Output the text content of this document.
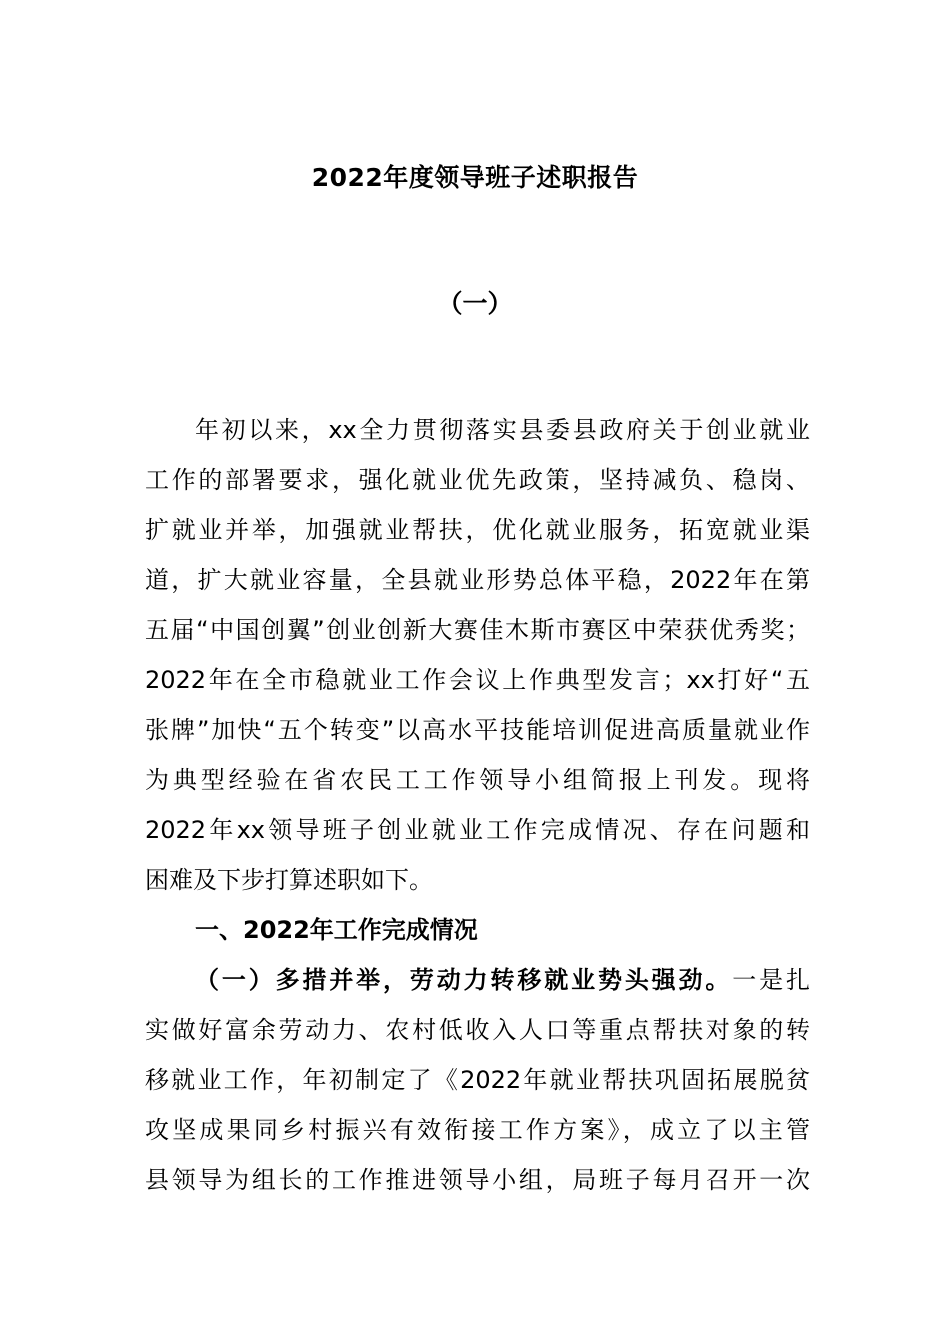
2022年度领导班子述职报告
（一）
年初以来，xx全力贯彻落实县委县政府关于创业就业
工作的部署要求，强化就业优先政策，坚持减负、稳岗、
扩就业并举，加强就业帮扶，优化就业服务，拓宽就业渠
道，扩大就业容量，全县就业形势总体平稳，2022年在第
五届“中国创翼”创业创新大赛佳木斯市赛区中荣获优秀奖；
2022年在全市稳就业工作会议上作典型发言；xx打好“五
张牌”加快“五个转变”以高水平技能培训促进高质量就业作
为典型经验在省农民工工作领导小组简报上刊发。现将
2022年xx领导班子创业就业工作完成情况、存在问题和
困难及下步打算述职如下。
一、2022年工作完成情况
（一）多措并举，劳动力转移就业势头强劲。一是扎
实做好富余劳动力、农村低收入人口等重点帮扶对象的转
移就业工作，年初制定了《2022年就业帮扶巩固拓展脱贫
攻坚成果同乡村振兴有效衔接工作方案》，成立了以主管
县领导为组长的工作推进领导小组，局班子每月召开一次
